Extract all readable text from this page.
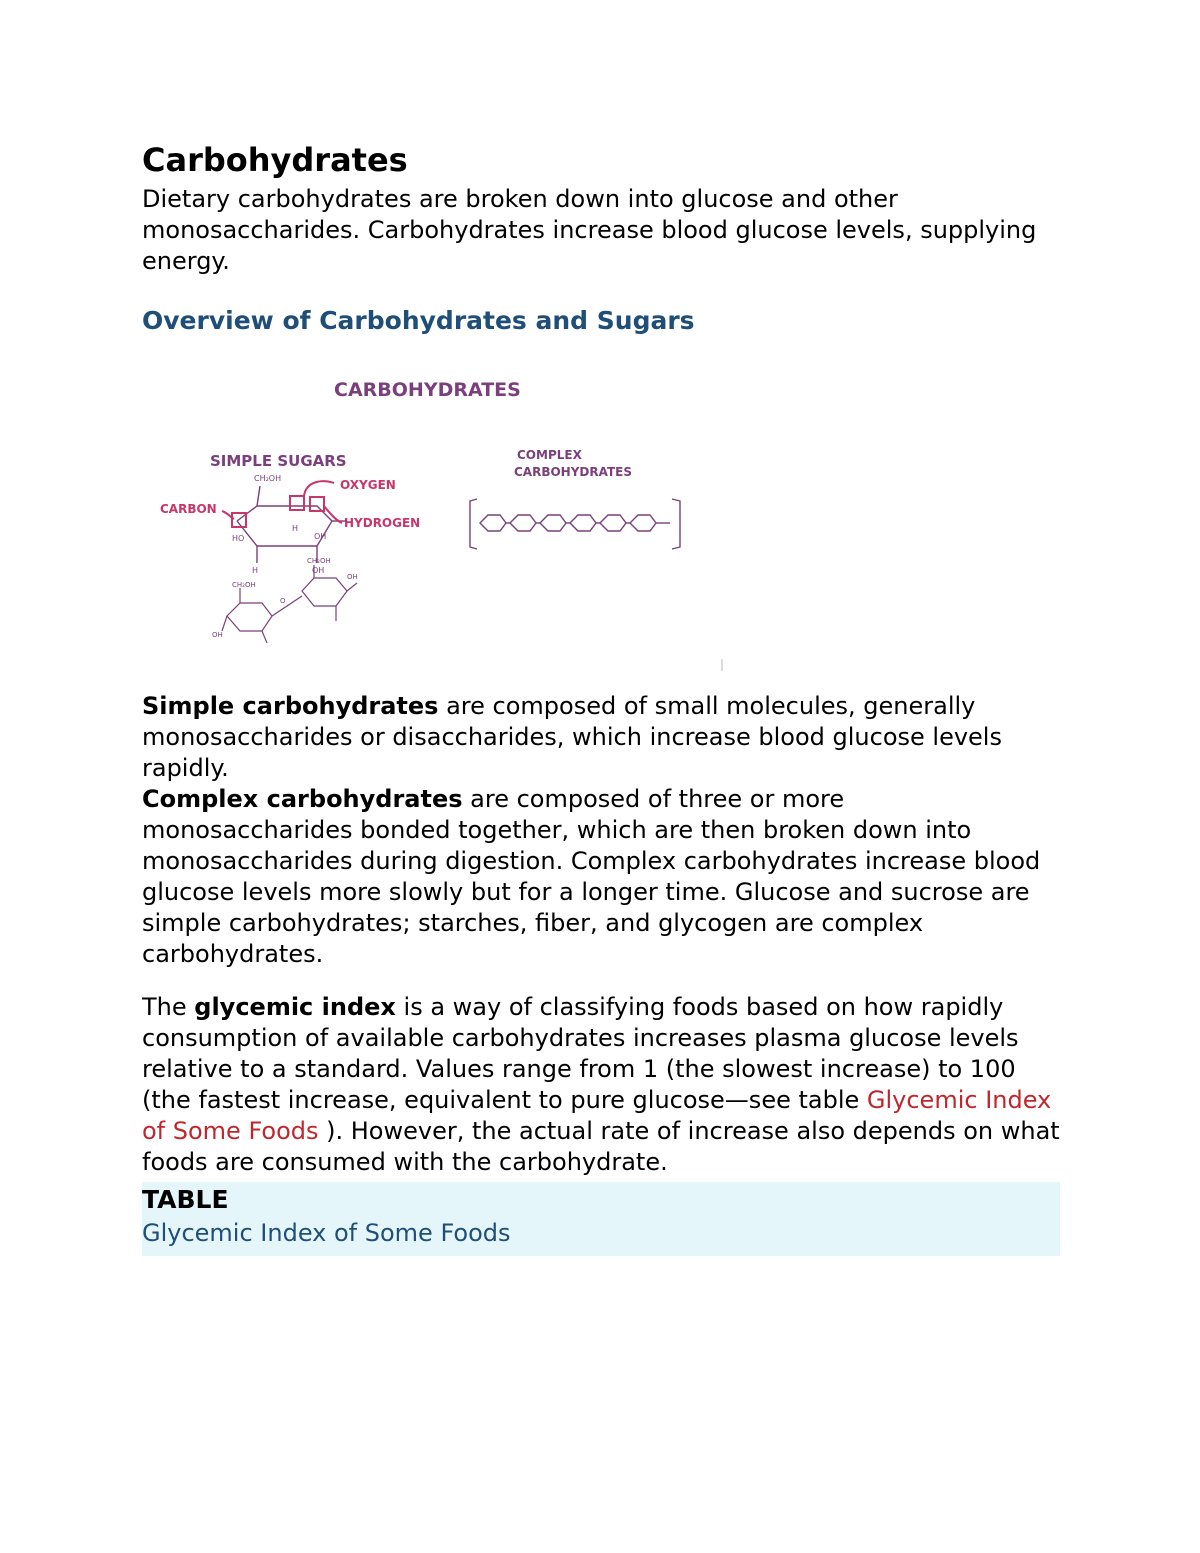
Carbohydrates

Dietary carbohydrates are broken down into glucose and other monosaccharides. Carbohydrates increase blood glucose levels, supplying energy.

Overview of Carbohydrates and Sugars
CARBOHYDRATES
SIMPLE SUGARS	COMPLEX
CARBOHYDRATES
CARBON
OXYGEN
HYDROGEN
CH₂OH
HO
H	OH
OH
H
CH₂OH
CH₂OH
OH
OH
O

Simple carbohydrates are composed of small molecules, generally monosaccharides or disaccharides, which increase blood glucose levels rapidly.

Complex carbohydrates are composed of three or more monosaccharides bonded together, which are then broken down into monosaccharides during digestion. Complex carbohydrates increase blood glucose levels more slowly but for a longer time. Glucose and sucrose are simple carbohydrates; starches, fiber, and glycogen are complex carbohydrates.

The glycemic index is a way of classifying foods based on how rapidly consumption of available carbohydrates increases plasma glucose levels relative to a standard. Values range from 1 (the slowest increase) to 100 (the fastest increase, equivalent to pure glucose—see table Glycemic Index of Some Foods ). However, the actual rate of increase also depends on what foods are consumed with the carbohydrate.

TABLE
Glycemic Index of Some Foods
